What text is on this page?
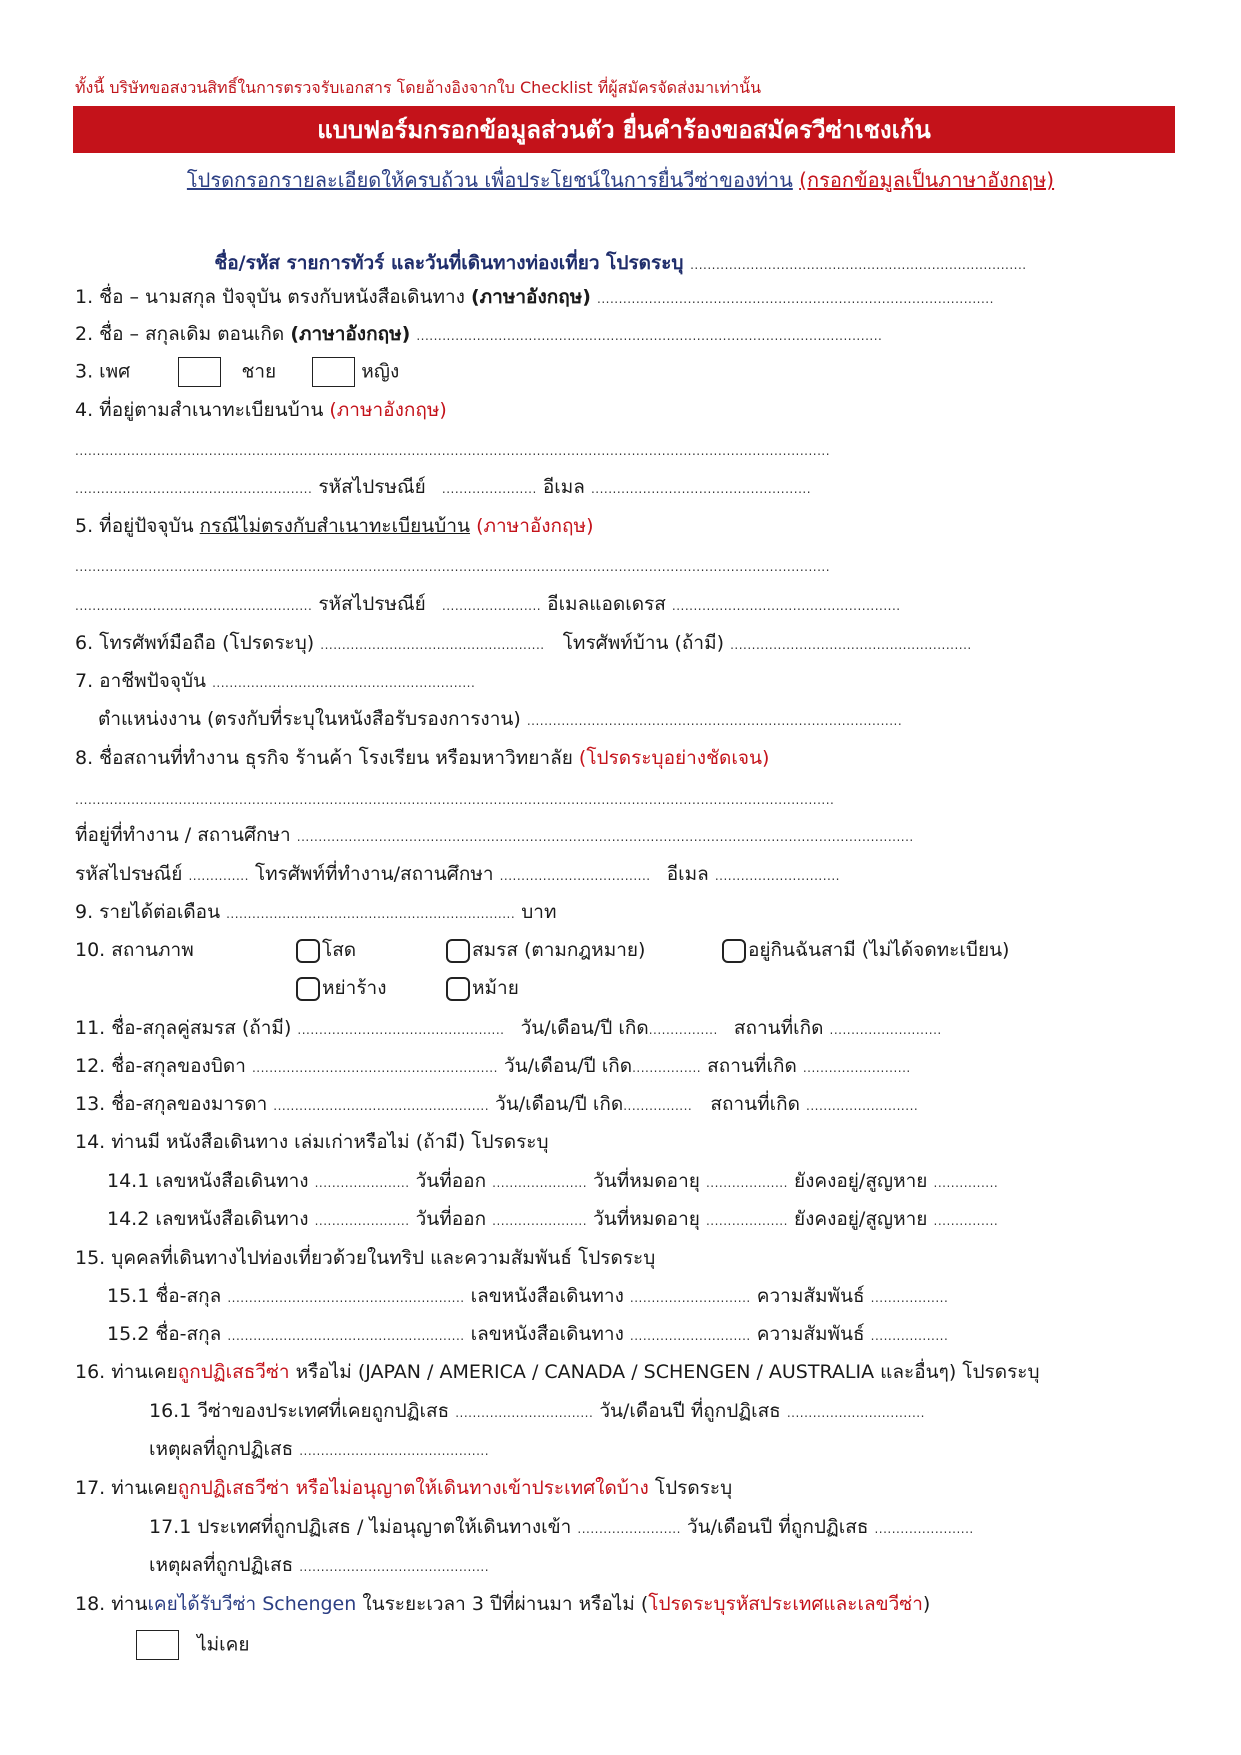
ทั้งนี้ บริษัทขอสงวนสิทธิ์ในการตรวจรับเอกสาร โดยอ้างอิงจากใบ Checklist ที่ผู้สมัครจัดส่งมาเท่านั้น
แบบฟอร์มกรอกข้อมูลส่วนตัว ยื่นคำร้องขอสมัครวีซ่าเชงเก้น
โปรดกรอกรายละเอียดให้ครบถ้วน เพื่อประโยชน์ในการยื่นวีซ่าของท่าน (กรอกข้อมูลเป็นภาษาอังกฤษ)
ชื่อ/รหัส รายการทัวร์ และวันที่เดินทางท่องเที่ยว โปรดระบุ ..............................................................................
1. ชื่อ – นามสกุล ปัจจุบัน ตรงกับหนังสือเดินทาง (ภาษาอังกฤษ) ............................................................................................
2. ชื่อ – สกุลเดิม ตอนเกิด (ภาษาอังกฤษ) ............................................................................................................
3. เพศ	ชาย	หญิง
4. ที่อยู่ตามสำเนาทะเบียนบ้าน (ภาษาอังกฤษ)
...............................................................................................................................................................................
....................................................... รหัสไปรษณีย์ ...................... อีเมล ...................................................
5. ที่อยู่ปัจจุบัน กรณีไม่ตรงกับสำเนาทะเบียนบ้าน (ภาษาอังกฤษ)
...............................................................................................................................................................................
....................................................... รหัสไปรษณีย์ ....................... อีเมลแอดเดรส .....................................................
6. โทรศัพท์มือถือ (โปรดระบุ) .................................................... โทรศัพท์บ้าน (ถ้ามี) ........................................................
7. อาชีพปัจจุบัน .............................................................
ตำแหน่งงาน (ตรงกับที่ระบุในหนังสือรับรองการงาน) .......................................................................................
8. ชื่อสถานที่ทำงาน ธุรกิจ ร้านค้า โรงเรียน หรือมหาวิทยาลัย (โปรดระบุอย่างชัดเจน)
................................................................................................................................................................................
ที่อยู่ที่ทำงาน / สถานศึกษา ...............................................................................................................................................
รหัสไปรษณีย์ .............. โทรศัพท์ที่ทำงาน/สถานศึกษา ................................... อีเมล .............................
9. รายได้ต่อเดือน ................................................................... บาท
10. สถานภาพ	โสด	สมรส (ตามกฎหมาย)	อยู่กินฉันสามี (ไม่ได้จดทะเบียน)
หย่าร้าง	หม้าย
11. ชื่อ-สกุลคู่สมรส (ถ้ามี) ................................................ วัน/เดือน/ปี เกิด................ สถานที่เกิด ..........................
12. ชื่อ-สกุลของบิดา ......................................................... วัน/เดือน/ปี เกิด................ สถานที่เกิด .........................
13. ชื่อ-สกุลของมารดา .................................................. วัน/เดือน/ปี เกิด................ สถานที่เกิด ..........................
14. ท่านมี หนังสือเดินทาง เล่มเก่าหรือไม่ (ถ้ามี) โปรดระบุ
14.1 เลขหนังสือเดินทาง ...................... วันที่ออก ...................... วันที่หมดอายุ ................... ยังคงอยู่/สูญหาย ...............
14.2 เลขหนังสือเดินทาง ...................... วันที่ออก ...................... วันที่หมดอายุ ................... ยังคงอยู่/สูญหาย ...............
15. บุคคลที่เดินทางไปท่องเที่ยวด้วยในทริป และความสัมพันธ์ โปรดระบุ
15.1 ชื่อ-สกุล ....................................................... เลขหนังสือเดินทาง ............................ ความสัมพันธ์ ..................
15.2 ชื่อ-สกุล ....................................................... เลขหนังสือเดินทาง ............................ ความสัมพันธ์ ..................
16. ท่านเคยถูกปฏิเสธวีซ่า หรือไม่ (JAPAN / AMERICA / CANADA / SCHENGEN / AUSTRALIA และอื่นๆ) โปรดระบุ
16.1 วีซ่าของประเทศที่เคยถูกปฏิเสธ ................................ วัน/เดือนปี ที่ถูกปฏิเสธ ................................
เหตุผลที่ถูกปฏิเสธ ............................................
17. ท่านเคยถูกปฏิเสธวีซ่า หรือไม่อนุญาตให้เดินทางเข้าประเทศใดบ้าง โปรดระบุ
17.1 ประเทศที่ถูกปฏิเสธ / ไม่อนุญาตให้เดินทางเข้า ........................ วัน/เดือนปี ที่ถูกปฏิเสธ .......................
เหตุผลที่ถูกปฏิเสธ ............................................
18. ท่านเคยได้รับวีซ่า Schengen ในระยะเวลา 3 ปีที่ผ่านมา หรือไม่ (โปรดระบุรหัสประเทศและเลขวีซ่า)
ไม่เคย
